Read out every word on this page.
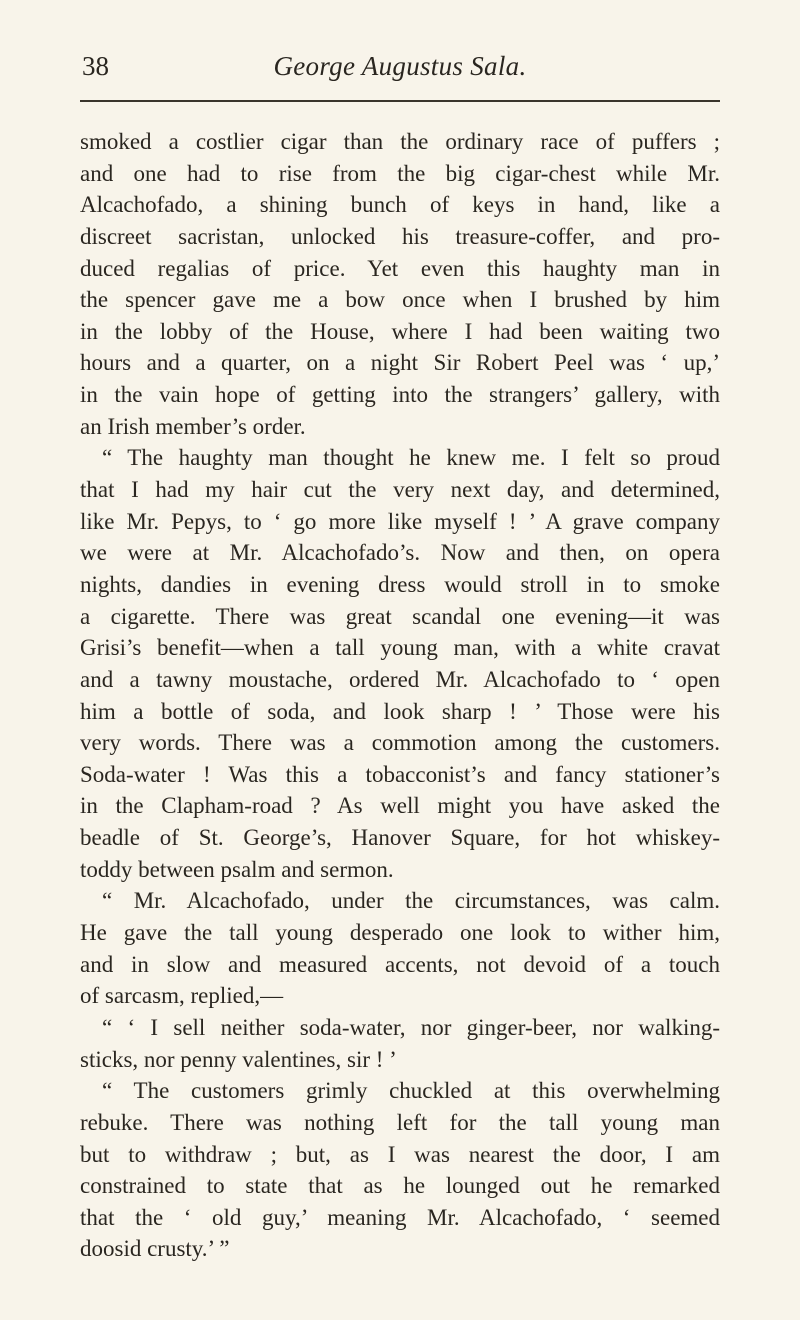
38	George Augustus Sala.
smoked a costlier cigar than the ordinary race of puffers ;
and one had to rise from the big cigar-chest while Mr.
Alcachofado, a shining bunch of keys in hand, like a
discreet sacristan, unlocked his treasure-coffer, and pro-
duced regalias of price. Yet even this haughty man in
the spencer gave me a bow once when I brushed by him
in the lobby of the House, where I had been waiting two
hours and a quarter, on a night Sir Robert Peel was ‘ up,’
in the vain hope of getting into the strangers’ gallery, with
an Irish member’s order.
“ The haughty man thought he knew me. I felt so proud
that I had my hair cut the very next day, and determined,
like Mr. Pepys, to ‘ go more like myself ! ’ A grave company
we were at Mr. Alcachofado’s. Now and then, on opera
nights, dandies in evening dress would stroll in to smoke
a cigarette. There was great scandal one evening—it was
Grisi’s benefit—when a tall young man, with a white cravat
and a tawny moustache, ordered Mr. Alcachofado to ‘ open
him a bottle of soda, and look sharp ! ’ Those were his
very words. There was a commotion among the customers.
Soda-water ! Was this a tobacconist’s and fancy stationer’s
in the Clapham-road ? As well might you have asked the
beadle of St. George’s, Hanover Square, for hot whiskey-
toddy between psalm and sermon.
“ Mr. Alcachofado, under the circumstances, was calm.
He gave the tall young desperado one look to wither him,
and in slow and measured accents, not devoid of a touch
of sarcasm, replied,—
“ ‘ I sell neither soda-water, nor ginger-beer, nor walking-
sticks, nor penny valentines, sir ! ’
“ The customers grimly chuckled at this overwhelming
rebuke. There was nothing left for the tall young man
but to withdraw ; but, as I was nearest the door, I am
constrained to state that as he lounged out he remarked
that the ‘ old guy,’ meaning Mr. Alcachofado, ‘ seemed
doosid crusty.’ ”
